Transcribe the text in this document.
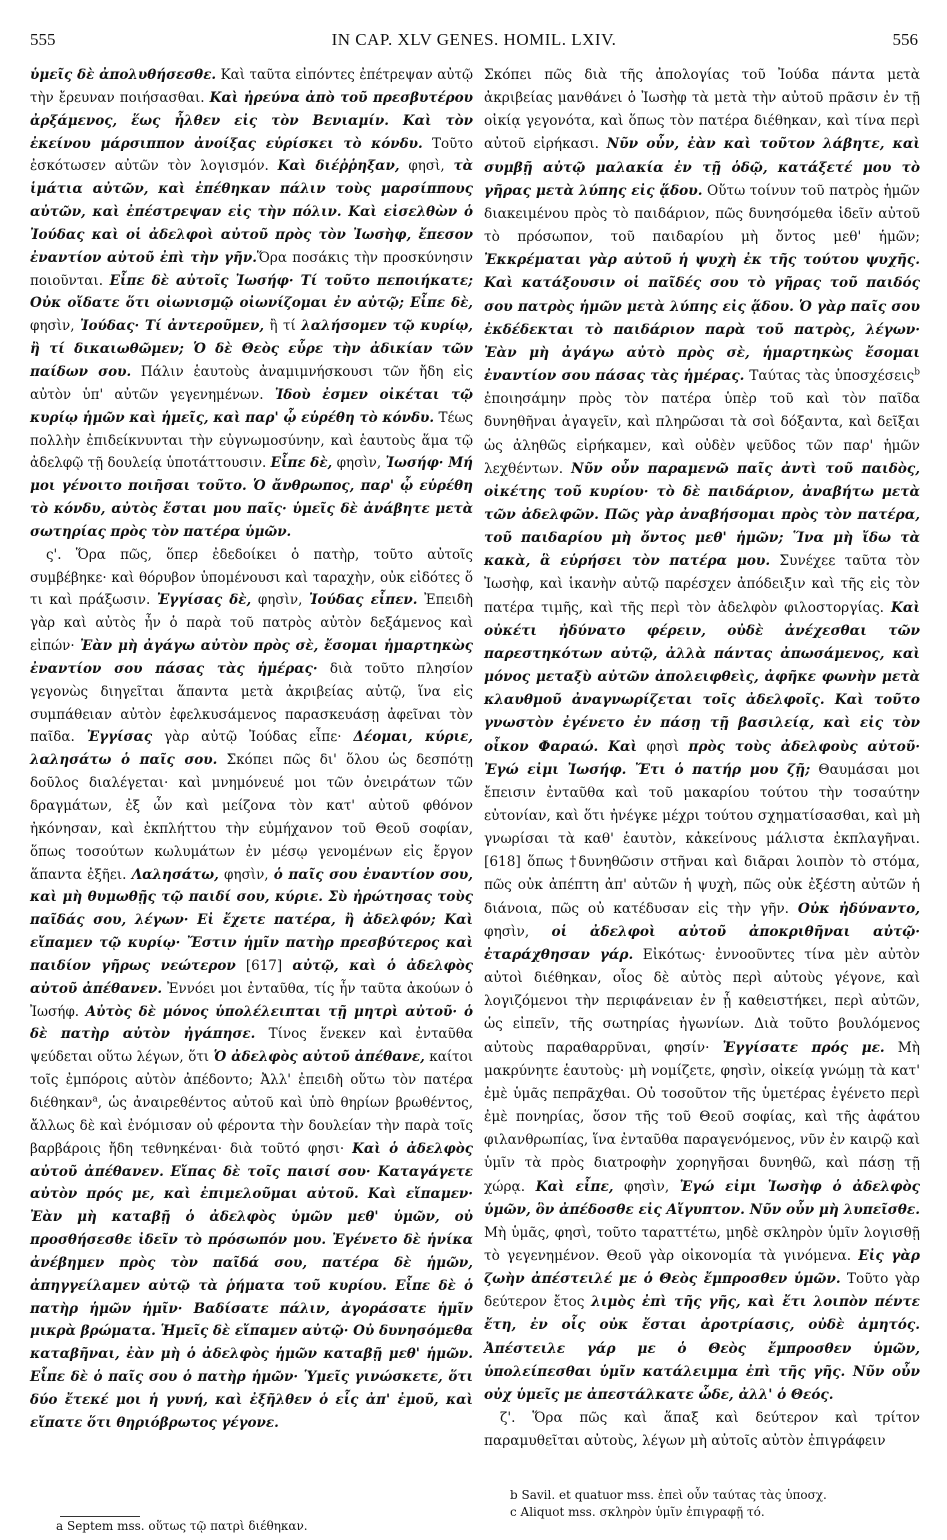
555	IN CAP. XLV GENES. HOMIL. LXIV.	556

ὑμεῖς δὲ ἀπολυθήσεσθε. Καὶ ταῦτα εἰπόντες ἐπέτρεψαν αὐτῷ τὴν ἔρευναν ποιήσασθαι. Καὶ ἠρεύνα ἀπὸ τοῦ πρεσβυτέρου ἀρξάμενος, ἕως ἦλθεν εἰς τὸν Βενιαμίν. Καὶ τὸν ἐκείνου μάρσιππον ἀνοίξας εὑρίσκει τὸ κόνδυ. Τοῦτο ἐσκότωσεν αὐτῶν τὸν λογισμόν. Καὶ διέῤῥηξαν, φησὶ, τὰ ἱμάτια αὐτῶν, καὶ ἐπέθηκαν πάλιν τοὺς μαρσίππους αὐτῶν, καὶ ἐπέστρεψαν εἰς τὴν πόλιν. Καὶ εἰσελθὼν ὁ Ἰούδας καὶ οἱ ἀδελφοὶ αὐτοῦ πρὸς τὸν Ἰωσὴφ, ἔπεσον ἐναντίον αὐτοῦ ἐπὶ τὴν γῆν.Ὅρα ποσάκις τὴν προσκύνησιν ποιοῦνται. Εἶπε δὲ αὐτοῖς Ἰωσήφ· Τί τοῦτο πεποιήκατε; Οὐκ οἴδατε ὅτι οἰωνισμῷ οἰωνίζομαι ἐν αὐτῷ; Εἶπε δὲ, φησὶν, Ἰούδας· Τί ἀντεροῦμεν, ἢ τί λαλήσομεν τῷ κυρίῳ, ἢ τί δικαιωθῶμεν; Ὁ δὲ Θεὸς εὗρε τὴν ἀδικίαν τῶν παίδων σου. Πάλιν ἑαυτοὺς ἀναμιμνήσκουσι τῶν ἤδη εἰς αὐτὸν ὑπ' αὐτῶν γεγενημένων. Ἰδοὺ ἐσμεν οἰκέται τῷ κυρίῳ ἡμῶν καὶ ἡμεῖς, καὶ παρ' ᾧ εὑρέθη τὸ κόνδυ. Τέως πολλὴν ἐπιδείκνυνται τὴν εὐγνωμοσύνην, καὶ ἑαυτοὺς ἅμα τῷ ἀδελφῷ τῇ δουλείᾳ ὑποτάττουσιν. Εἶπε δὲ, φησὶν, Ἰωσήφ· Μή μοι γένοιτο ποιῆσαι τοῦτο. Ὁ ἄνθρωπος, παρ' ᾧ εὑρέθη τὸ κόνδυ, αὐτὸς ἔσται μου παῖς· ὑμεῖς δὲ ἀνάβητε μετὰ σωτηρίας πρὸς τὸν πατέρα ὑμῶν.

ς'. Ὅρα πῶς, ὅπερ ἐδεδοίκει ὁ πατὴρ, τοῦτο αὐτοῖς συμβέβηκε· καὶ θόρυβον ὑπομένουσι καὶ ταραχὴν, οὐκ εἰδότες ὅ τι καὶ πράξωσιν. Ἐγγίσας δὲ, φησὶν, Ἰούδας εἶπεν. Ἐπειδὴ γὰρ καὶ αὐτὸς ἦν ὁ παρὰ τοῦ πατρὸς αὐτὸν δεξάμενος καὶ εἰπών· Ἐὰν μὴ ἀγάγω αὐτὸν πρὸς σὲ, ἔσομαι ἡμαρτηκὼς ἐναντίον σου πάσας τὰς ἡμέρας· διὰ τοῦτο πλησίον γεγονὼς διηγεῖται ἅπαντα μετὰ ἀκριβείας αὐτῷ, ἵνα εἰς συμπάθειαν αὐτὸν ἐφελκυσάμενος παρασκευάσῃ ἀφεῖναι τὸν παῖδα. Ἐγγίσας γὰρ αὐτῷ Ἰούδας εἶπε· Δέομαι, κύριε, λαλησάτω ὁ παῖς σου. Σκόπει πῶς δι' ὅλου ὡς δεσπότῃ δοῦλος διαλέγεται· καὶ μνημόνευέ μοι τῶν ὀνειράτων τῶν δραγμάτων, ἐξ ὧν καὶ μείζονα τὸν κατ' αὐτοῦ φθόνον ἠκόνησαν, καὶ ἐκπλήττου τὴν εὐμήχανον τοῦ Θεοῦ σοφίαν, ὅπως τοσούτων κωλυμάτων ἐν μέσῳ γενομένων εἰς ἔργον ἅπαντα ἐξῆει. Λαλησάτω, φησὶν, ὁ παῖς σου ἐναντίον σου, καὶ μὴ θυμωθῇς τῷ παιδί σου, κύριε. Σὺ ἠρώτησας τοὺς παῖδάς σου, λέγων· Εἰ ἔχετε πατέρα, ἢ ἀδελφόν; Καὶ εἴπαμεν τῷ κυρίῳ· Ἔστιν ἡμῖν πατὴρ πρεσβύτερος καὶ παιδίον γῆρως νεώτερον [617] αὐτῷ, καὶ ὁ ἀδελφὸς αὐτοῦ ἀπέθανεν. Ἐννόει μοι ἐνταῦθα, τίς ἦν ταῦτα ἀκούων ὁ Ἰωσήφ. Αὐτὸς δὲ μόνος ὑπολέλειπται τῇ μητρὶ αὐτοῦ· ὁ δὲ πατὴρ αὐτὸν ἠγάπησε. Τίνος ἕνεκεν καὶ ἐνταῦθα ψεύδεται οὕτω λέγων, ὅτι Ὁ ἀδελφὸς αὐτοῦ ἀπέθανε, καίτοι τοῖς ἐμπόροις αὐτὸν ἀπέδοντο; Ἀλλ' ἐπειδὴ οὕτω τὸν πατέρα διέθηκαν$^a$, ὡς ἀναιρεθέντος αὐτοῦ καὶ ὑπὸ θηρίων βρωθέντος, ἄλλως δὲ καὶ ἐνόμισαν οὐ φέροντα τὴν δουλείαν τὴν παρὰ τοῖς βαρβάροις ἤδη τεθνηκέναι· διὰ τοῦτό φησι· Καὶ ὁ ἀδελφὸς αὐτοῦ ἀπέθανεν. Εἴπας δὲ τοῖς παισί σου· Καταγάγετε αὐτὸν πρός με, καὶ ἐπιμελοῦμαι αὐτοῦ. Καὶ εἴπαμεν· Ἐὰν μὴ καταβῇ ὁ ἀδελφὸς ὑμῶν μεθ' ὑμῶν, οὐ προσθήσεσθε ἰδεῖν τὸ πρόσωπόν μου. Ἐγένετο δὲ ἡνίκα ἀνέβημεν πρὸς τὸν παῖδά σου, πατέρα δὲ ἡμῶν, ἀπηγγείλαμεν αὐτῷ τὰ ῥήματα τοῦ κυρίου. Εἶπε δὲ ὁ πατὴρ ἡμῶν ἡμῖν· Βαδίσατε πάλιν, ἀγοράσατε ἡμῖν μικρὰ βρώματα. Ἡμεῖς δὲ εἴπαμεν αὐτῷ· Οὐ δυνησόμεθα καταβῆναι, ἐὰν μὴ ὁ ἀδελφὸς ἡμῶν καταβῇ μεθ' ἡμῶν. Εἶπε δὲ ὁ παῖς σου ὁ πατὴρ ἡμῶν· Ὑμεῖς γινώσκετε, ὅτι δύο ἔτεκέ μοι ἡ γυνή, καὶ ἐξῆλθεν ὁ εἷς ἀπ' ἐμοῦ, καὶ εἴπατε ὅτι θηριόβρωτος γέγονε.

Σκόπει πῶς διὰ τῆς ἀπολογίας τοῦ Ἰούδα πάντα μετὰ ἀκριβείας μανθάνει ὁ Ἰωσὴφ τὰ μετὰ τὴν αὐτοῦ πρᾶσιν ἐν τῇ οἰκίᾳ γεγονότα, καὶ ὅπως τὸν πατέρα διέθηκαν, καὶ τίνα περὶ αὐτοῦ εἰρήκασι. Νῦν οὖν, ἐὰν καὶ τοῦτον λάβητε, καὶ συμβῇ αὐτῷ μαλακία ἐν τῇ ὁδῷ, κατάξετέ μου τὸ γῆρας μετὰ λύπης εἰς ᾅδου. Οὕτω τοίνυν τοῦ πατρὸς ἡμῶν διακειμένου πρὸς τὸ παιδάριον, πῶς δυνησόμεθα ἰδεῖν αὐτοῦ τὸ πρόσωπον, τοῦ παιδαρίου μὴ ὄντος μεθ' ἡμῶν; Ἐκκρέμαται γὰρ αὐτοῦ ἡ ψυχὴ ἐκ τῆς τούτου ψυχῆς. Καὶ κατάξουσιν οἱ παῖδές σου τὸ γῆρας τοῦ παιδός σου πατρὸς ἡμῶν μετὰ λύπης εἰς ᾅδου. Ὁ γὰρ παῖς σου ἐκδέδεκται τὸ παιδάριον παρὰ τοῦ πατρὸς, λέγων· Ἐὰν μὴ ἀγάγω αὐτὸ πρὸς σὲ, ἡμαρτηκὼς ἔσομαι ἐναντίον σου πάσας τὰς ἡμέρας. Ταύτας τὰς ὑποσχέσεις$^b$ ἐποιησάμην πρὸς τὸν πατέρα ὑπὲρ τοῦ καὶ τὸν παῖδα δυνηθῆναι ἀγαγεῖν, καὶ πληρῶσαι τὰ σοὶ δόξαντα, καὶ δεῖξαι ὡς ἀληθῶς εἰρήκαμεν, καὶ οὐδὲν ψεῦδος τῶν παρ' ἡμῶν λεχθέντων. Νῦν οὖν παραμενῶ παῖς ἀντὶ τοῦ παιδὸς, οἰκέτης τοῦ κυρίου· τὸ δὲ παιδάριον, ἀναβήτω μετὰ τῶν ἀδελφῶν. Πῶς γὰρ ἀναβήσομαι πρὸς τὸν πατέρα, τοῦ παιδαρίου μὴ ὄντος μεθ' ἡμῶν; Ἵνα μὴ ἴδω τὰ κακὰ, ἃ εὑρήσει τὸν πατέρα μου. Συνέχεε ταῦτα τὸν Ἰωσὴφ, καὶ ἱκανὴν αὐτῷ παρέσχεν ἀπόδειξιν καὶ τῆς εἰς τὸν πατέρα τιμῆς, καὶ τῆς περὶ τὸν ἀδελφὸν φιλοστοργίας. Καὶ οὐκέτι ἠδύνατο φέρειν, οὐδὲ ἀνέχεσθαι τῶν παρεστηκότων αὐτῷ, ἀλλὰ πάντας ἀπωσάμενος, καὶ μόνος μεταξὺ αὐτῶν ἀπολειφθεὶς, ἀφῆκε φωνὴν μετὰ κλαυθμοῦ ἀναγνωρίζεται τοῖς ἀδελφοῖς. Καὶ τοῦτο γνωστὸν ἐγένετο ἐν πάσῃ τῇ βασιλείᾳ, καὶ εἰς τὸν οἶκον Φαραώ. Καὶ φησὶ πρὸς τοὺς ἀδελφοὺς αὐτοῦ· Ἐγώ εἰμι Ἰωσήφ. Ἔτι ὁ πατήρ μου ζῇ; Θαυμάσαι μοι ἔπεισιν ἐνταῦθα καὶ τοῦ μακαρίου τούτου τὴν τοσαύτην εὐτονίαν, καὶ ὅτι ἠνέγκε μέχρι τούτου σχηματίσασθαι, καὶ μὴ γνωρίσαι τὰ καθ' ἑαυτὸν, κἀκείνους μάλιστα ἐκπλαγῆναι. [618] ὅπως †δυνηθῶσιν στῆναι καὶ διᾶραι λοιπὸν τὸ στόμα, πῶς οὐκ ἀπέπτη ἀπ' αὐτῶν ἡ ψυχὴ, πῶς οὐκ ἐξέστη αὐτῶν ἡ διάνοια, πῶς οὐ κατέδυσαν εἰς τὴν γῆν. Οὐκ ἠδύναντο, φησὶν, οἱ ἀδελφοὶ αὐτοῦ ἀποκριθῆναι αὐτῷ· ἐταράχθησαν γάρ. Εἰκότως· ἐννοοῦντες τίνα μὲν αὐτὸν αὐτοὶ διέθηκαν, οἷος δὲ αὐτὸς περὶ αὐτοὺς γέγονε, καὶ λογιζόμενοι τὴν περιφάνειαν ἐν ᾗ καθειστήκει, περὶ αὐτῶν, ὡς εἰπεῖν, τῆς σωτηρίας ἠγωνίων. Διὰ τοῦτο βουλόμενος αὐτοὺς παραθαρρῦναι, φησίν· Ἐγγίσατε πρός με. Μὴ μακρύνητε ἑαυτοὺς· μὴ νομίζετε, φησὶν, οἰκείᾳ γνώμῃ τὰ κατ' ἐμὲ ὑμᾶς πεπρᾶχθαι. Οὐ τοσοῦτον τῆς ὑμετέρας ἐγένετο περὶ ἐμὲ πονηρίας, ὅσον τῆς τοῦ Θεοῦ σοφίας, καὶ τῆς ἀφάτου φιλανθρωπίας, ἵνα ἐνταῦθα παραγενόμενος, νῦν ἐν καιρῷ καὶ ὑμῖν τὰ πρὸς διατροφὴν χορηγῆσαι δυνηθῶ, καὶ πάσῃ τῇ χώρᾳ. Καὶ εἶπε, φησὶν, Ἐγώ εἰμι Ἰωσὴφ ὁ ἀδελφὸς ὑμῶν, ὃν ἀπέδοσθε εἰς Αἴγυπτον. Νῦν οὖν μὴ λυπεῖσθε. Μὴ ὑμᾶς, φησὶ, τοῦτο ταραττέτω, μηδὲ σκληρὸν ὑμῖν λογισθῇ τὸ γεγενημένον. Θεοῦ γὰρ οἰκονομία τὰ γινόμενα. Εἰς γὰρ ζωὴν ἀπέστειλέ με ὁ Θεὸς ἔμπροσθεν ὑμῶν. Τοῦτο γὰρ δεύτερον ἔτος λιμὸς ἐπὶ τῆς γῆς, καὶ ἔτι λοιπὸν πέντε ἔτη, ἐν οἷς οὐκ ἔσται ἀροτρίασις, οὐδὲ ἀμητός. Ἀπέστειλε γάρ με ὁ Θεὸς ἔμπροσθεν ὑμῶν, ὑπολείπεσθαι ὑμῖν κατάλειμμα ἐπὶ τῆς γῆς. Νῦν οὖν οὐχ ὑμεῖς με ἀπεστάλκατε ὧδε, ἀλλ' ὁ Θεός.

ζ'. Ὅρα πῶς καὶ ἅπαξ καὶ δεύτερον καὶ τρίτον παραμυθεῖται αὐτοὺς, λέγων μὴ αὐτοῖς αὐτὸν ἐπιγράφειν

b Savil. et quatuor mss. ἐπεὶ οὖν ταύτας τὰς ὑποσχ.
c Aliquot mss. σκληρὸν ὑμῖν ἐπιγραφῇ τό.
a Septem mss. οὕτως τῷ πατρὶ διέθηκαν.
